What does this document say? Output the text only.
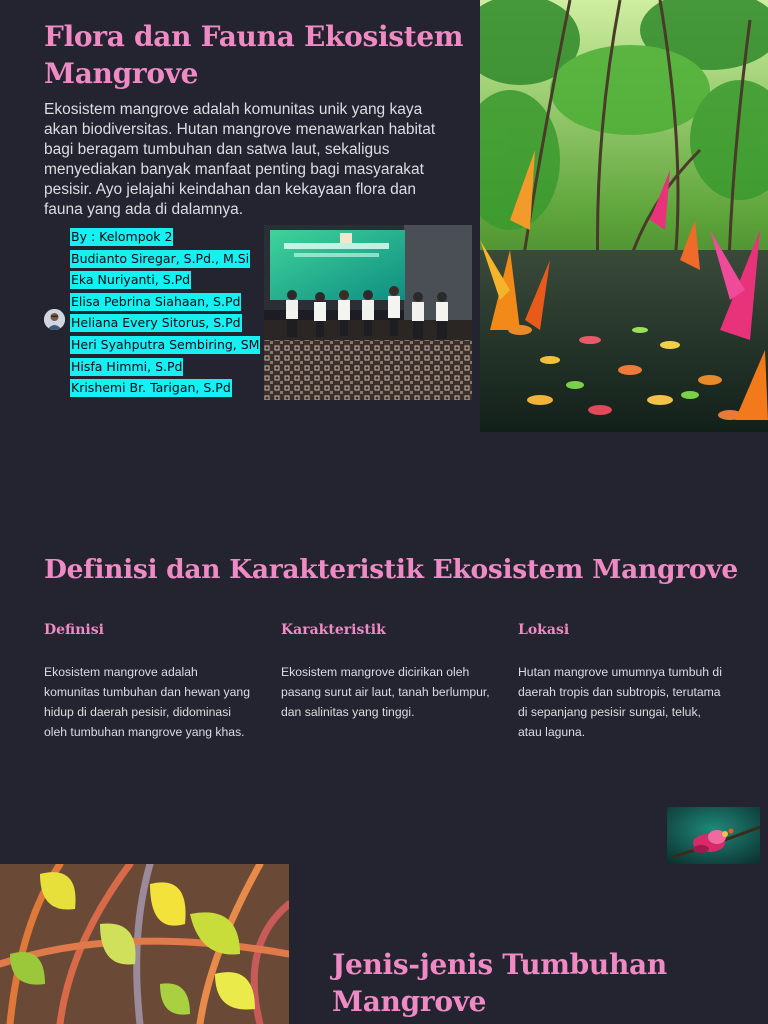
Flora dan Fauna Ekosistem Mangrove

Ekosistem mangrove adalah komunitas unik yang kaya akan biodiversitas. Hutan mangrove menawarkan habitat bagi beragam tumbuhan dan satwa laut, sekaligus menyediakan banyak manfaat penting bagi masyarakat pesisir. Ayo jelajahi keindahan dan kekayaan flora dan fauna yang ada di dalamnya.

By : Kelompok 2
Budianto Siregar, S.Pd., M.Si
Eka Nuriyanti, S.Pd
Elisa Pebrina Siahaan, S.Pd
Heliana Every Sitorus, S.Pd
Heri Syahputra Sembiring, SM
Hisfa Himmi, S.Pd
Krishemi Br. Tarigan, S.Pd
Definisi dan Karakteristik Ekosistem Mangrove
Definisi

Ekosistem mangrove adalah komunitas tumbuhan dan hewan yang hidup di daerah pesisir, didominasi oleh tumbuhan mangrove yang khas.

Karakteristik

Ekosistem mangrove dicirikan oleh pasang surut air laut, tanah berlumpur, dan salinitas yang tinggi.

Lokasi

Hutan mangrove umumnya tumbuh di daerah tropis dan subtropis, terutama di sepanjang pesisir sungai, teluk, atau laguna.

Jenis-jenis Tumbuhan Mangrove
